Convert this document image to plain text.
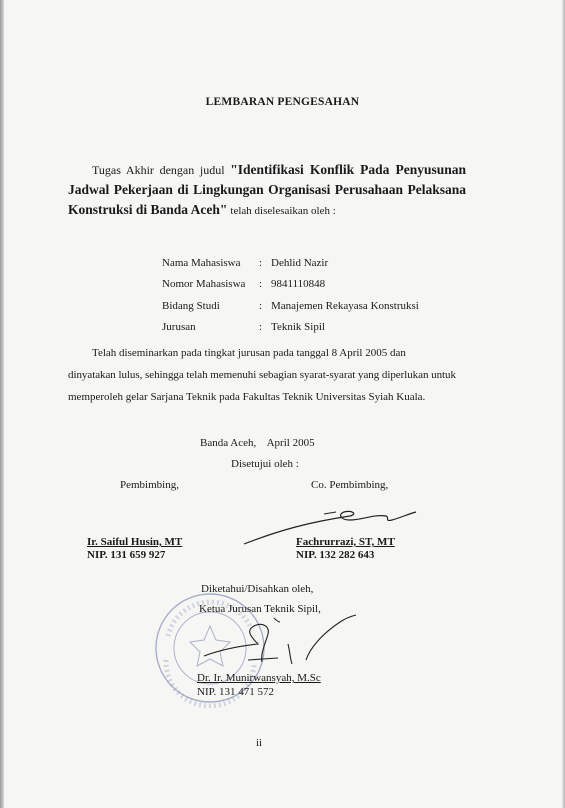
LEMBARAN PENGESAHAN
Tugas Akhir dengan judul "Identifikasi Konflik Pada Penyusunan Jadwal Pekerjaan di Lingkungan Organisasi Perusahaan Pelaksana Konstruksi di Banda Aceh" telah diselesaikan oleh :
Nama Mahasiswa	:	Dehlid Nazir
Nomor Mahasiswa	:	9841110848
Bidang Studi	:	Manajemen Rekayasa Konstruksi
Jurusan	:	Teknik Sipil
Telah diseminarkan pada tingkat jurusan pada tanggal 8 April 2005 dan
dinyatakan lulus, sehingga telah memenuhi sebagian syarat-syarat yang diperlukan untuk
memperoleh gelar Sarjana Teknik pada Fakultas Teknik Universitas Syiah Kuala.
Banda Aceh,    April 2005
Disetujui oleh :
Pembimbing,	Co. Pembimbing,
Ir. Saiful Husin, MT
NIP. 131 659 927
Fachrurrazi, ST, MT
NIP. 132 282 643
Diketahui/Disahkan oleh,
Ketua Jurusan Teknik Sipil,
Dr. Ir. Munirwansyah, M.Sc
NIP. 131 471 572
ii
